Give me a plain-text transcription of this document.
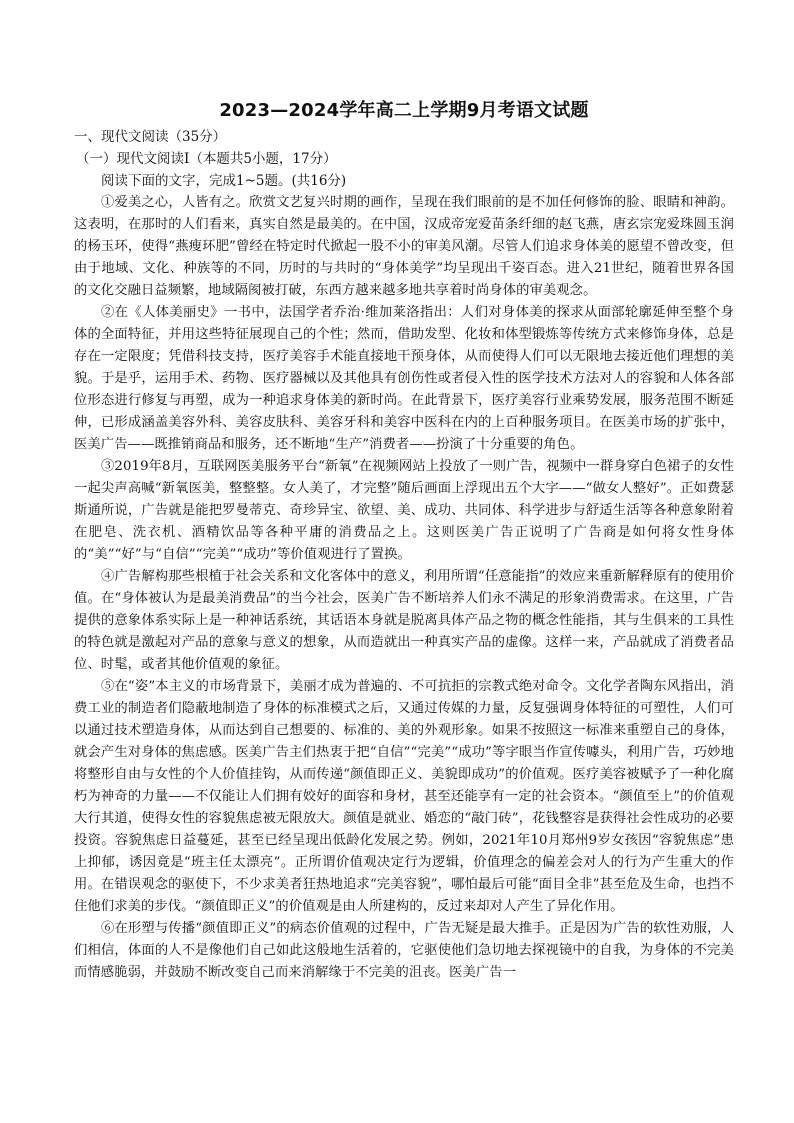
2023—2024学年高二上学期9月考语文试题

一、现代文阅读（35分）

（一）现代文阅读Ⅰ（本题共5小题，17分）

阅读下面的文字，完成1~5题。(共16分)

①爱美之心，人皆有之。欣赏文艺复兴时期的画作，呈现在我们眼前的是不加任何修饰的脸、眼睛和神韵。这表明，在那时的人们看来，真实自然是最美的。在中国，汉成帝宠爱苗条纤细的赵飞燕，唐玄宗宠爱珠圆玉润的杨玉环，使得“燕瘦环肥”曾经在特定时代掀起一股不小的审美风潮。尽管人们追求身体美的愿望不曾改变，但由于地域、文化、种族等的不同，历时的与共时的“身体美学”均呈现出千姿百态。进入21世纪，随着世界各国的文化交融日益频繁，地域隔阂被打破，东西方越来越多地共享着时尚身体的审美观念。

②在《人体美丽史》一书中，法国学者乔治·维加莱洛指出：人们对身体美的探求从面部轮廓延伸至整个身体的全面特征，并用这些特征展现自己的个性；然而，借助发型、化妆和体型锻炼等传统方式来修饰身体，总是存在一定限度；凭借科技支持，医疗美容手术能直接地干预身体，从而使得人们可以无限地去接近他们理想的美貌。于是乎，运用手术、药物、医疗器械以及其他具有创伤性或者侵入性的医学技术方法对人的容貌和人体各部位形态进行修复与再塑，成为一种追求身体美的新时尚。在此背景下，医疗美容行业乘势发展，服务范围不断延伸，已形成涵盖美容外科、美容皮肤科、美容牙科和美容中医科在内的上百种服务项目。在医美市场的扩张中，医美广告——既推销商品和服务，还不断地“生产”消费者——扮演了十分重要的角色。

③2019年8月，互联网医美服务平台“新氧”在视频网站上投放了一则广告，视频中一群身穿白色裙子的女性一起尖声高喊“新氧医美，整整整。女人美了，才完整”随后画面上浮现出五个大字——“做女人整好”。正如费瑟斯通所说，广告就是能把罗曼蒂克、奇珍异宝、欲望、美、成功、共同体、科学进步与舒适生活等各种意象附着在肥皂、洗衣机、酒精饮品等各种平庸的消费品之上。这则医美广告正说明了广告商是如何将女性身体的“美”“好”与“自信”“完美”“成功”等价值观进行了置换。

④广告解构那些根植于社会关系和文化客体中的意义，利用所谓“任意能指”的效应来重新解释原有的使用价值。在“身体被认为是最美消费品”的当今社会，医美广告不断培养人们永不满足的形象消费需求。在这里，广告提供的意象体系实际上是一种神话系统，其话语本身就是脱离具体产品之物的概念性能指，其与生俱来的工具性的特色就是激起对产品的意象与意义的想象，从而造就出一种真实产品的虚像。这样一来，产品就成了消费者品位、时髦，或者其他价值观的象征。

⑤在“姿”本主义的市场背景下，美丽才成为普遍的、不可抗拒的宗教式绝对命令。文化学者陶东风指出，消费工业的制造者们隐蔽地制造了身体的标准模式之后，又通过传媒的力量，反复强调身体特征的可塑性，人们可以通过技术塑造身体，从而达到自己想要的、标准的、美的外观形象。如果不按照这一标准来重塑自己的身体，就会产生对身体的焦虑感。医美广告主们热衷于把“自信”“完美”“成功”等字眼当作宣传噱头，利用广告，巧妙地将整形自由与女性的个人价值挂钩，从而传递“颜值即正义、美貌即成功”的价值观。医疗美容被赋予了一种化腐朽为神奇的力量——不仅能让人们拥有姣好的面容和身材，甚至还能享有一定的社会资本。“颜值至上”的价值观大行其道，使得女性的容貌焦虑被无限放大。颜值是就业、婚恋的“敲门砖”，花钱整容是获得社会性成功的必要投资。容貌焦虑日益蔓延，甚至已经呈现出低龄化发展之势。例如，2021年10月郑州9岁女孩因“容貌焦虑”患上抑郁，诱因竟是“班主任太漂亮”。正所谓价值观决定行为逻辑，价值理念的偏差会对人的行为产生重大的作用。在错误观念的驱使下，不少求美者狂热地追求“完美容貌”，哪怕最后可能“面目全非”甚至危及生命，也挡不住他们求美的步伐。“颜值即正义”的价值观是由人所建构的，反过来却对人产生了异化作用。

⑥在形塑与传播“颜值即正义”的病态价值观的过程中，广告无疑是最大推手。正是因为广告的软性劝服，人们相信，体面的人不是像他们自己如此这般地生活着的，它驱使他们急切地去探视镜中的自我，为身体的不完美而情感脆弱，并鼓励不断改变自己而来消解缘于不完美的沮丧。医美广告一
